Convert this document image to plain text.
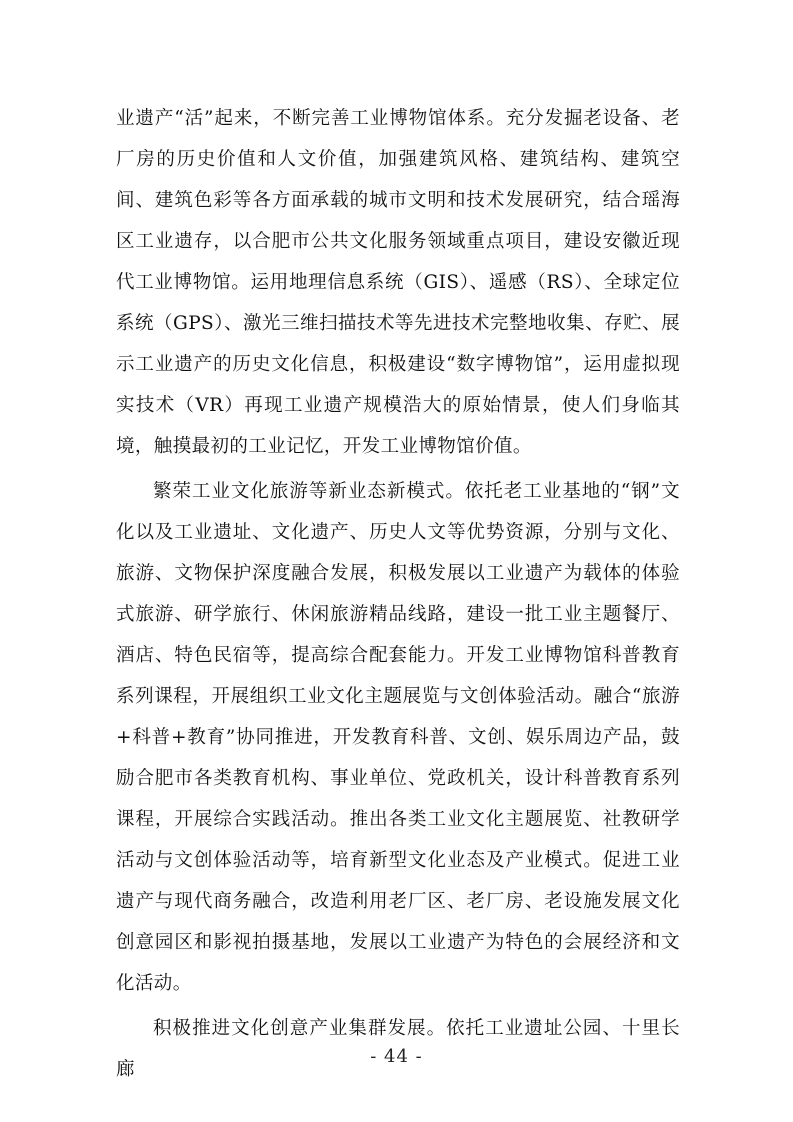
业遗产“活”起来，不断完善工业博物馆体系。充分发掘老设备、老厂房的历史价值和人文价值，加强建筑风格、建筑结构、建筑空间、建筑色彩等各方面承载的城市文明和技术发展研究，结合瑶海区工业遗存，以合肥市公共文化服务领域重点项目，建设安徽近现代工业博物馆。运用地理信息系统（GIS）、遥感（RS）、全球定位系统（GPS）、激光三维扫描技术等先进技术完整地收集、存贮、展示工业遗产的历史文化信息，积极建设“数字博物馆”，运用虚拟现实技术（VR）再现工业遗产规模浩大的原始情景，使人们身临其境，触摸最初的工业记忆，开发工业博物馆价值。

繁荣工业文化旅游等新业态新模式。依托老工业基地的“钢”文化以及工业遗址、文化遗产、历史人文等优势资源，分别与文化、旅游、文物保护深度融合发展，积极发展以工业遗产为载体的体验式旅游、研学旅行、休闲旅游精品线路，建设一批工业主题餐厅、酒店、特色民宿等，提高综合配套能力。开发工业博物馆科普教育系列课程，开展组织工业文化主题展览与文创体验活动。融合“旅游+科普+教育”协同推进，开发教育科普、文创、娱乐周边产品，鼓励合肥市各类教育机构、事业单位、党政机关，设计科普教育系列课程，开展综合实践活动。推出各类工业文化主题展览、社教研学活动与文创体验活动等，培育新型文化业态及产业模式。促进工业遗产与现代商务融合，改造利用老厂区、老厂房、老设施发展文化创意园区和影视拍摄基地，发展以工业遗产为特色的会展经济和文化活动。

积极推进文化创意产业集群发展。依托工业遗址公园、十里长廊

- 44 -
